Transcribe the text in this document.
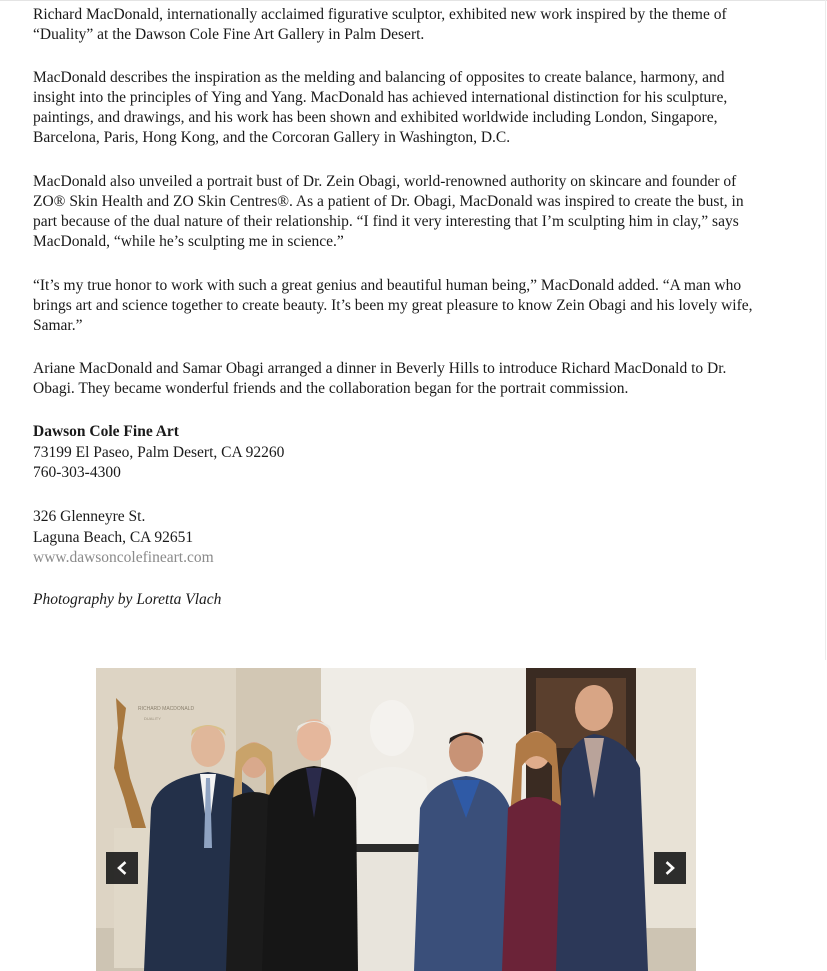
Richard MacDonald, internationally acclaimed figurative sculptor, exhibited new work inspired by the theme of “Duality” at the Dawson Cole Fine Art Gallery in Palm Desert.

MacDonald describes the inspiration as the melding and balancing of opposites to create balance, harmony, and insight into the principles of Ying and Yang. MacDonald has achieved international distinction for his sculpture, paintings, and drawings, and his work has been shown and exhibited worldwide including London, Singapore, Barcelona, Paris, Hong Kong, and the Corcoran Gallery in Washington, D.C.

MacDonald also unveiled a portrait bust of Dr. Zein Obagi, world-renowned authority on skincare and founder of ZO® Skin Health and ZO Skin Centres®. As a patient of Dr. Obagi, MacDonald was inspired to create the bust, in part because of the dual nature of their relationship. “I find it very interesting that I’m sculpting him in clay,” says MacDonald, “while he’s sculpting me in science.”

“It’s my true honor to work with such a great genius and beautiful human being,” MacDonald added. “A man who brings art and science together to create beauty. It’s been my great pleasure to know Zein Obagi and his lovely wife, Samar.”

Ariane MacDonald and Samar Obagi arranged a dinner in Beverly Hills to introduce Richard MacDonald to Dr. Obagi. They became wonderful friends and the collaboration began for the portrait commission.

Dawson Cole Fine Art
73199 El Paseo, Palm Desert, CA 92260
760-303-4300
326 Glenneyre St.
Laguna Beach, CA 92651
www.dawsoncolefineart.com
Photography by Loretta Vlach
RICHARD MACDONALD
DUALITY
